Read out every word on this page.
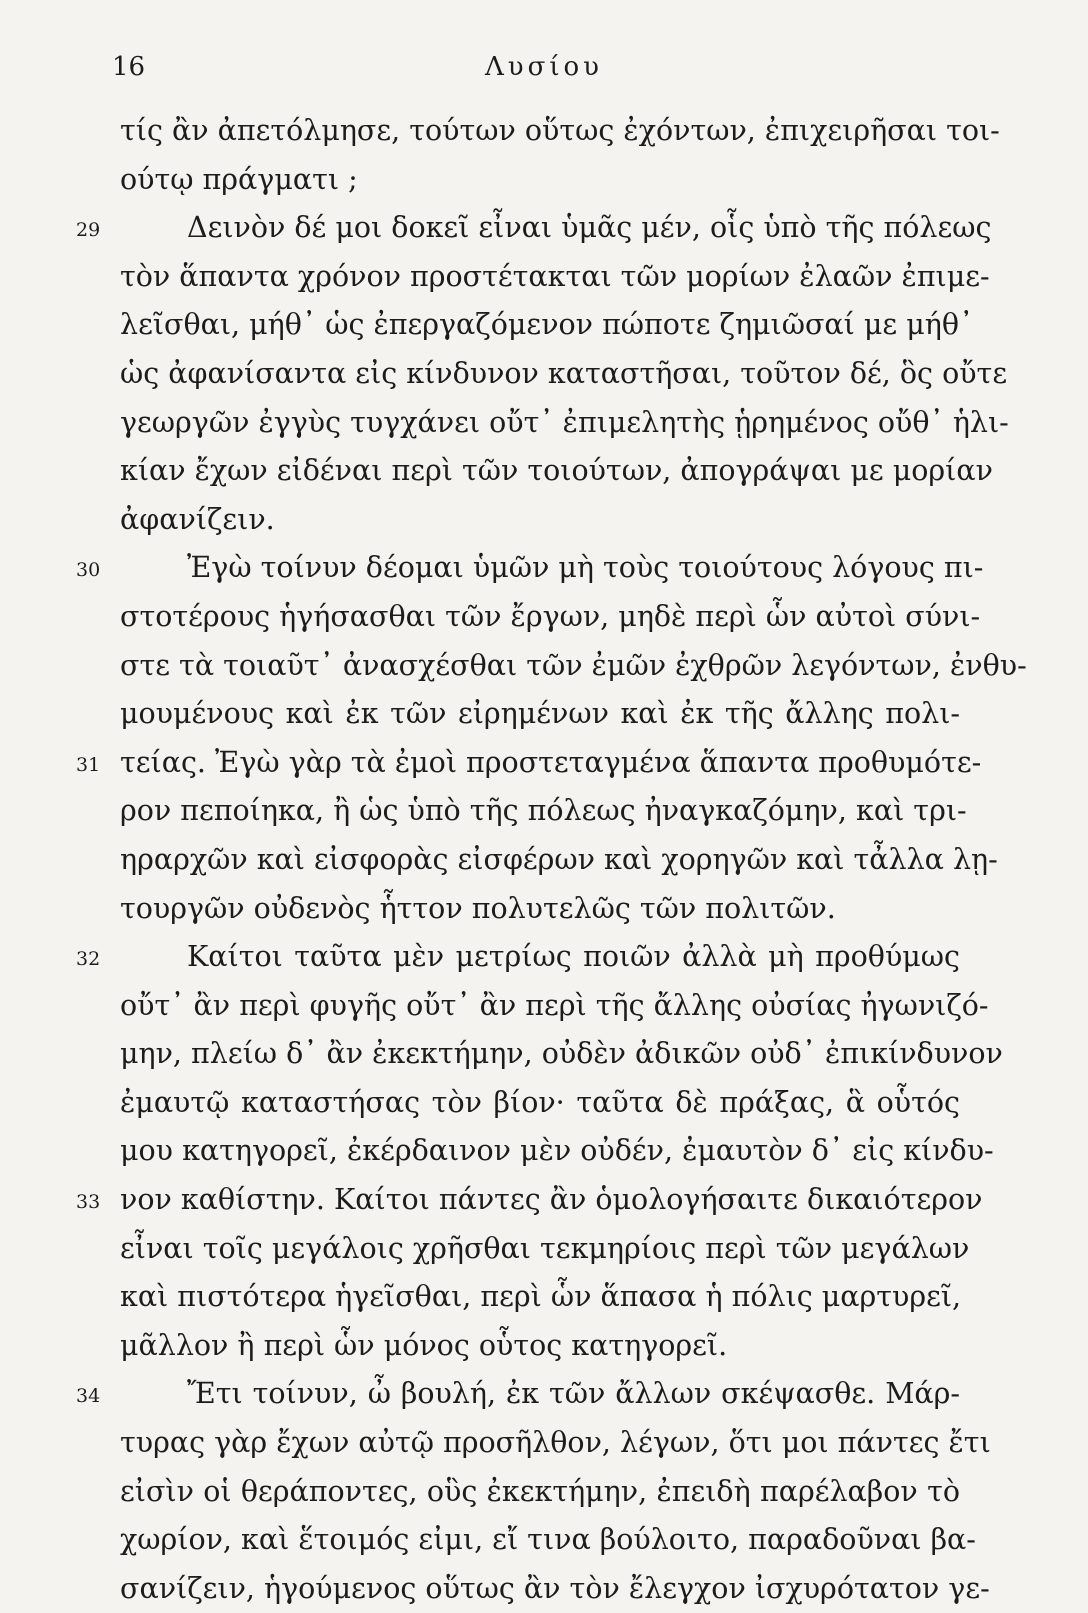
16	Λυσίου
τίς ἂν ἀπετόλμησε, τούτων οὕτως ἐχόντων, ἐπιχειρῆσαι τοι-
ούτῳ πράγματι ;
29	Δεινὸν δέ μοι δοκεῖ εἶναι ὑμᾶς μέν, οἷς ὑπὸ τῆς πόλεως
τὸν ἅπαντα χρόνον προστέτακται τῶν μορίων ἐλαῶν ἐπιμε-
λεῖσθαι, μήθ᾽ ὡς ἐπεργαζόμενον πώποτε ζημιῶσαί με μήθ᾽
ὡς ἀφανίσαντα εἰς κίνδυνον καταστῆσαι, τοῦτον δέ, ὃς οὔτε
γεωργῶν ἐγγὺς τυγχάνει οὔτ᾽ ἐπιμελητὴς ᾑρημένος οὔθ᾽ ἡλι-
κίαν ἔχων εἰδέναι περὶ τῶν τοιούτων, ἀπογράψαι με μορίαν
ἀφανίζειν.
30	Ἐγὼ τοίνυν δέομαι ὑμῶν μὴ τοὺς τοιούτους λόγους πι-
στοτέρους ἡγήσασθαι τῶν ἔργων, μηδὲ περὶ ὧν αὐτοὶ σύνι-
στε τὰ τοιαῦτ᾽ ἀνασχέσθαι τῶν ἐμῶν ἐχθρῶν λεγόντων, ἐνθυ-
μουμένους καὶ ἐκ τῶν εἰρημένων καὶ ἐκ τῆς ἄλλης πολι-
31 τείας. Ἐγὼ γὰρ τὰ ἐμοὶ προστεταγμένα ἅπαντα προθυμότε-
ρον πεποίηκα, ἢ ὡς ὑπὸ τῆς πόλεως ἠναγκαζόμην, καὶ τρι-
ηραρχῶν καὶ εἰσφορὰς εἰσφέρων καὶ χορηγῶν καὶ τἆλλα λῃ-
τουργῶν οὐδενὸς ἧττον πολυτελῶς τῶν πολιτῶν.
32	Καίτοι ταῦτα μὲν μετρίως ποιῶν ἀλλὰ μὴ προθύμως
οὔτ᾽ ἂν περὶ φυγῆς οὔτ᾽ ἂν περὶ τῆς ἄλλης οὐσίας ἠγωνιζό-
μην, πλείω δ᾽ ἂν ἐκεκτήμην, οὐδὲν ἀδικῶν οὐδ᾽ ἐπικίνδυνον
ἐμαυτῷ καταστήσας τὸν βίον· ταῦτα δὲ πράξας, ἃ οὗτός
μου κατηγορεῖ, ἐκέρδαινον μὲν οὐδέν, ἐμαυτὸν δ᾽ εἰς κίνδυ-
33 νον καθίστην. Καίτοι πάντες ἂν ὁμολογήσαιτε δικαιότερον
εἶναι τοῖς μεγάλοις χρῆσθαι τεκμηρίοις περὶ τῶν μεγάλων
καὶ πιστότερα ἡγεῖσθαι, περὶ ὧν ἅπασα ἡ πόλις μαρτυρεῖ,
μᾶλλον ἢ περὶ ὧν μόνος οὗτος κατηγορεῖ.
34	Ἔτι τοίνυν, ὦ βουλή, ἐκ τῶν ἄλλων σκέψασθε. Μάρ-
τυρας γὰρ ἔχων αὐτῷ προσῆλθον, λέγων, ὅτι μοι πάντες ἔτι
εἰσὶν οἱ θεράποντες, οὓς ἐκεκτήμην, ἐπειδὴ παρέλαβον τὸ
χωρίον, καὶ ἕτοιμός εἰμι, εἴ τινα βούλοιτο, παραδοῦναι βα-
σανίζειν, ἡγούμενος οὕτως ἂν τὸν ἔλεγχον ἰσχυρότατον γε-
